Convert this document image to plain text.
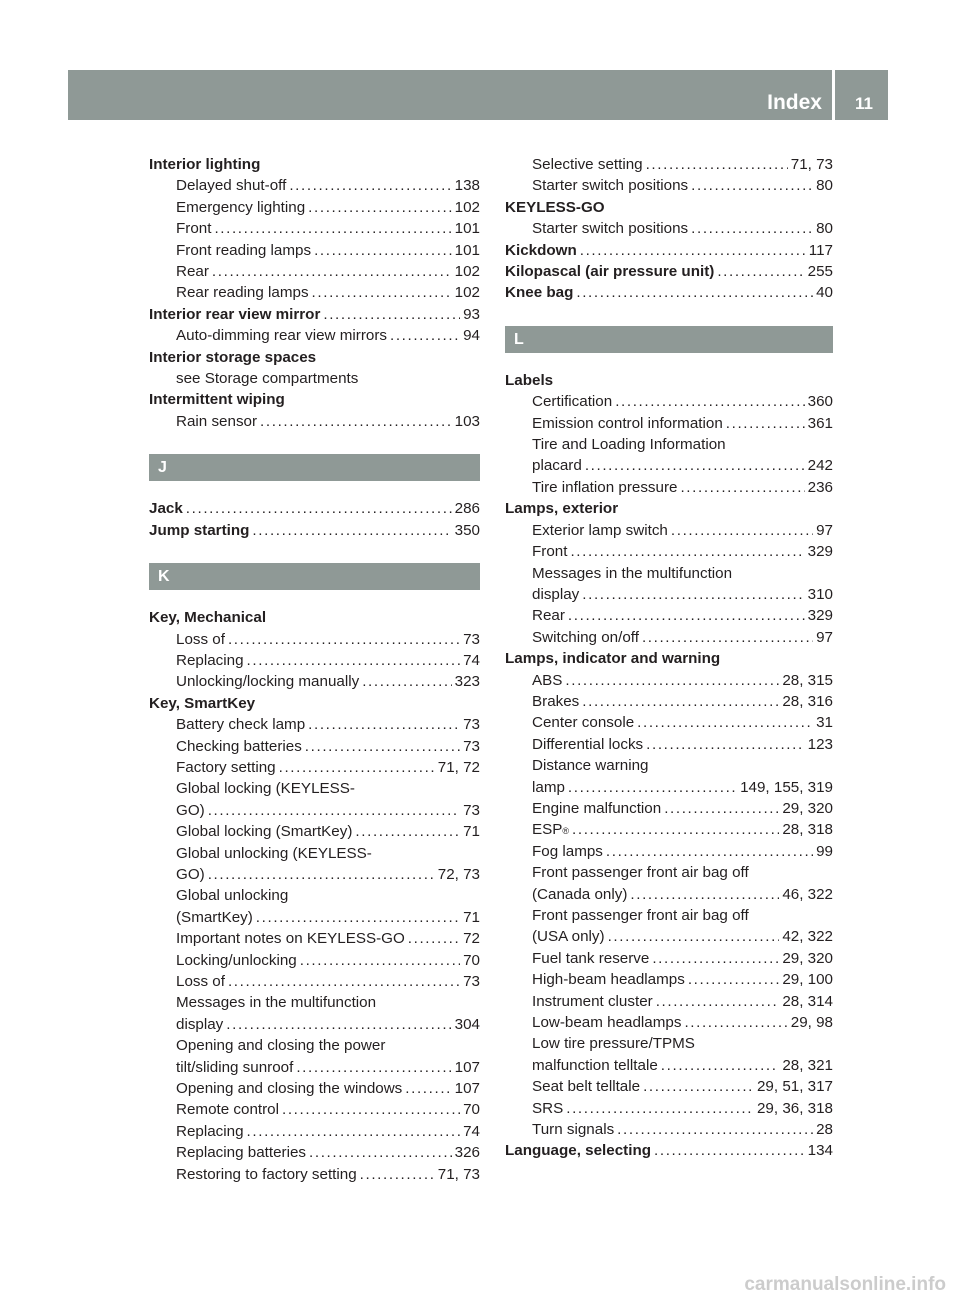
Index	11
Interior lighting
Delayed shut-off . . .	138
Emergency lighting . . .	102
Front . . .	101
Front reading lamps . . .	101
Rear . . .	102
Rear reading lamps . . .	102
Interior rear view mirror . . .	93
Auto-dimming rear view mirrors . . .	94
Interior storage spaces
see Storage compartments
Intermittent wiping
Rain sensor . . .	103
J
Jack . . .	286
Jump starting . . .	350
K
Key, Mechanical
Loss of . . .	73
Replacing . . .	74
Unlocking/locking manually . . .	323
Key, SmartKey
Battery check lamp . . .	73
Checking batteries . . .	73
Factory setting . . .	71, 72
Global locking (KEYLESS-
GO) . . .	73
Global locking (SmartKey) . . .	71
Global unlocking (KEYLESS-
GO) . . .	72, 73
Global unlocking
(SmartKey) . . .	71
Important notes on KEYLESS-GO . . .	72
Locking/unlocking . . .	70
Loss of . . .	73
Messages in the multifunction
display . . .	304
Opening and closing the power
tilt/sliding sunroof . . .	107
Opening and closing the windows . . .	107
Remote control . . .	70
Replacing . . .	74
Replacing batteries . . .	326
Restoring to factory setting . . .	71, 73
Selective setting . . .	71, 73
Starter switch positions . . .	80
KEYLESS-GO
Starter switch positions . . .	80
Kickdown . . .	117
Kilopascal (air pressure unit) . . .	255
Knee bag . . .	40
L
Labels
Certification . . .	360
Emission control information . . .	361
Tire and Loading Information
placard . . .	242
Tire inflation pressure . . .	236
Lamps, exterior
Exterior lamp switch . . .	97
Front . . .	329
Messages in the multifunction
display . . .	310
Rear . . .	329
Switching on/off . . .	97
Lamps, indicator and warning
ABS . . .	28, 315
Brakes . . .	28, 316
Center console . . .	31
Differential locks . . .	123
Distance warning
lamp . . .	149, 155, 319
Engine malfunction . . .	29, 320
ESP ® . . .	28, 318
Fog lamps . . .	99
Front passenger front air bag off
(Canada only) . . .	46, 322
Front passenger front air bag off
(USA only) . . .	42, 322
Fuel tank reserve . . .	29, 320
High-beam headlamps . . .	29, 100
Instrument cluster . . .	28, 314
Low-beam headlamps . . .	29, 98
Low tire pressure/TPMS
malfunction telltale . . .	28, 321
Seat belt telltale . . .	29, 51, 317
SRS . . .	29, 36, 318
Turn signals . . .	28
Language, selecting . . .	134
carmanualsonline.info
